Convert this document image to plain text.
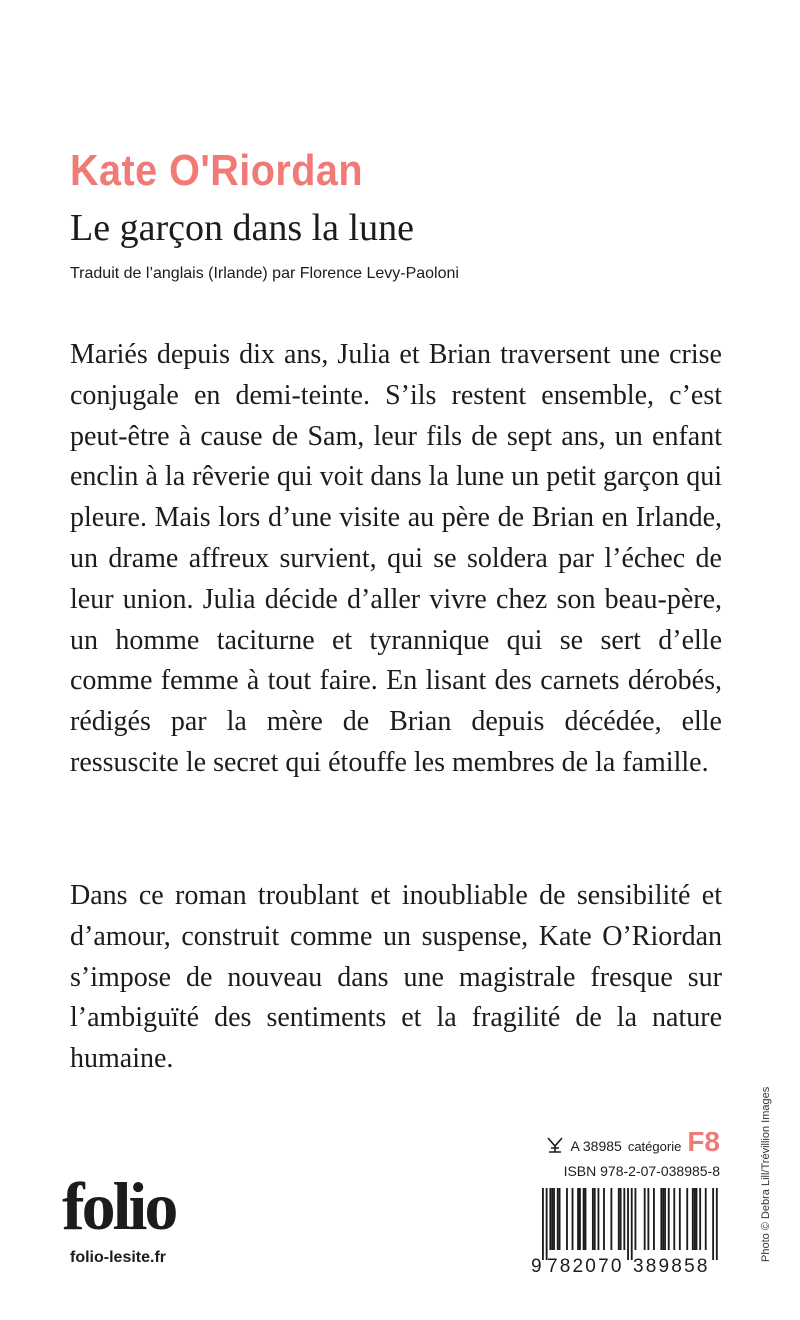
Kate O'Riordan
Le garçon dans la lune
Traduit de l’anglais (Irlande) par Florence Levy-Paoloni

Mariés depuis dix ans, Julia et Brian traversent une crise conjugale en demi-teinte. S’ils restent ensemble, c’est peut-être à cause de Sam, leur fils de sept ans, un enfant enclin à la rêverie qui voit dans la lune un petit garçon qui pleure. Mais lors d’une visite au père de Brian en Irlande, un drame affreux survient, qui se soldera par l’échec de leur union. Julia décide d’aller vivre chez son beau-père, un homme taciturne et tyrannique qui se sert d’elle comme femme à tout faire. En lisant des carnets dérobés, rédigés par la mère de Brian depuis décédée, elle ressuscite le secret qui étouffe les membres de la famille.

Dans ce roman troublant et inoubliable de sensibilité et d’amour, construit comme un suspense, Kate O’Riordan s’impose de nouveau dans une magistrale fresque sur l’ambiguïté des sentiments et la fragilité de la nature humaine.

A 38985 catégorie F8
ISBN 978-2-07-038985-8
folio
folio-lesite.fr	9 782070 389858
Photo © Debra Lill/Trévillion Images
